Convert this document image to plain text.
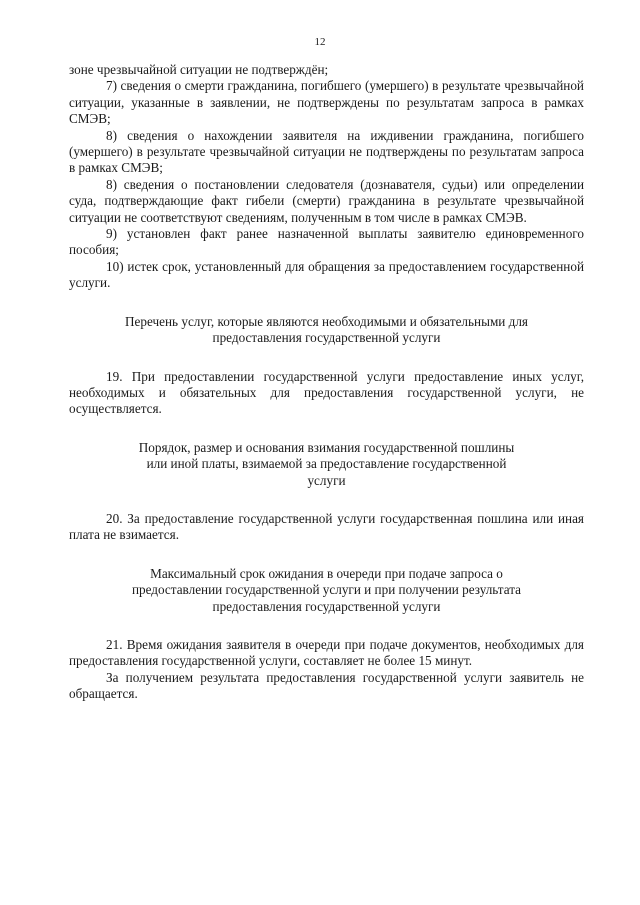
12

зоне чрезвычайной ситуации не подтверждён;

7) сведения о смерти гражданина, погибшего (умершего) в результате чрезвычайной ситуации, указанные в заявлении, не подтверждены по результатам запроса в рамках СМЭВ;

8) сведения о нахождении заявителя на иждивении гражданина, погибшего (умершего) в результате чрезвычайной ситуации не подтверждены по результатам запроса в рамках СМЭВ;

8) сведения о постановлении следователя (дознавателя, судьи) или определении суда, подтверждающие факт гибели (смерти) гражданина в результате чрезвычайной ситуации не соответствуют сведениям, полученным в том числе в рамках СМЭВ.

9) установлен факт ранее назначенной выплаты заявителю единовременного пособия;

10) истек срок, установленный для обращения за предоставлением государственной услуги.

Перечень услуг, которые являются необходимыми и обязательными для предоставления государственной услуги

19. При предоставлении государственной услуги предоставление иных услуг, необходимых и обязательных для предоставления государственной услуги, не осуществляется.

Порядок, размер и основания взимания государственной пошлины или иной платы, взимаемой за предоставление государственной услуги

20. За предоставление государственной услуги государственная пошлина или иная плата не взимается.

Максимальный срок ожидания в очереди при подаче запроса о предоставлении государственной услуги и при получении результата предоставления государственной услуги

21. Время ожидания заявителя в очереди при подаче документов, необходимых для предоставления государственной услуги, составляет не более 15 минут.

За получением результата предоставления государственной услуги заявитель не обращается.
